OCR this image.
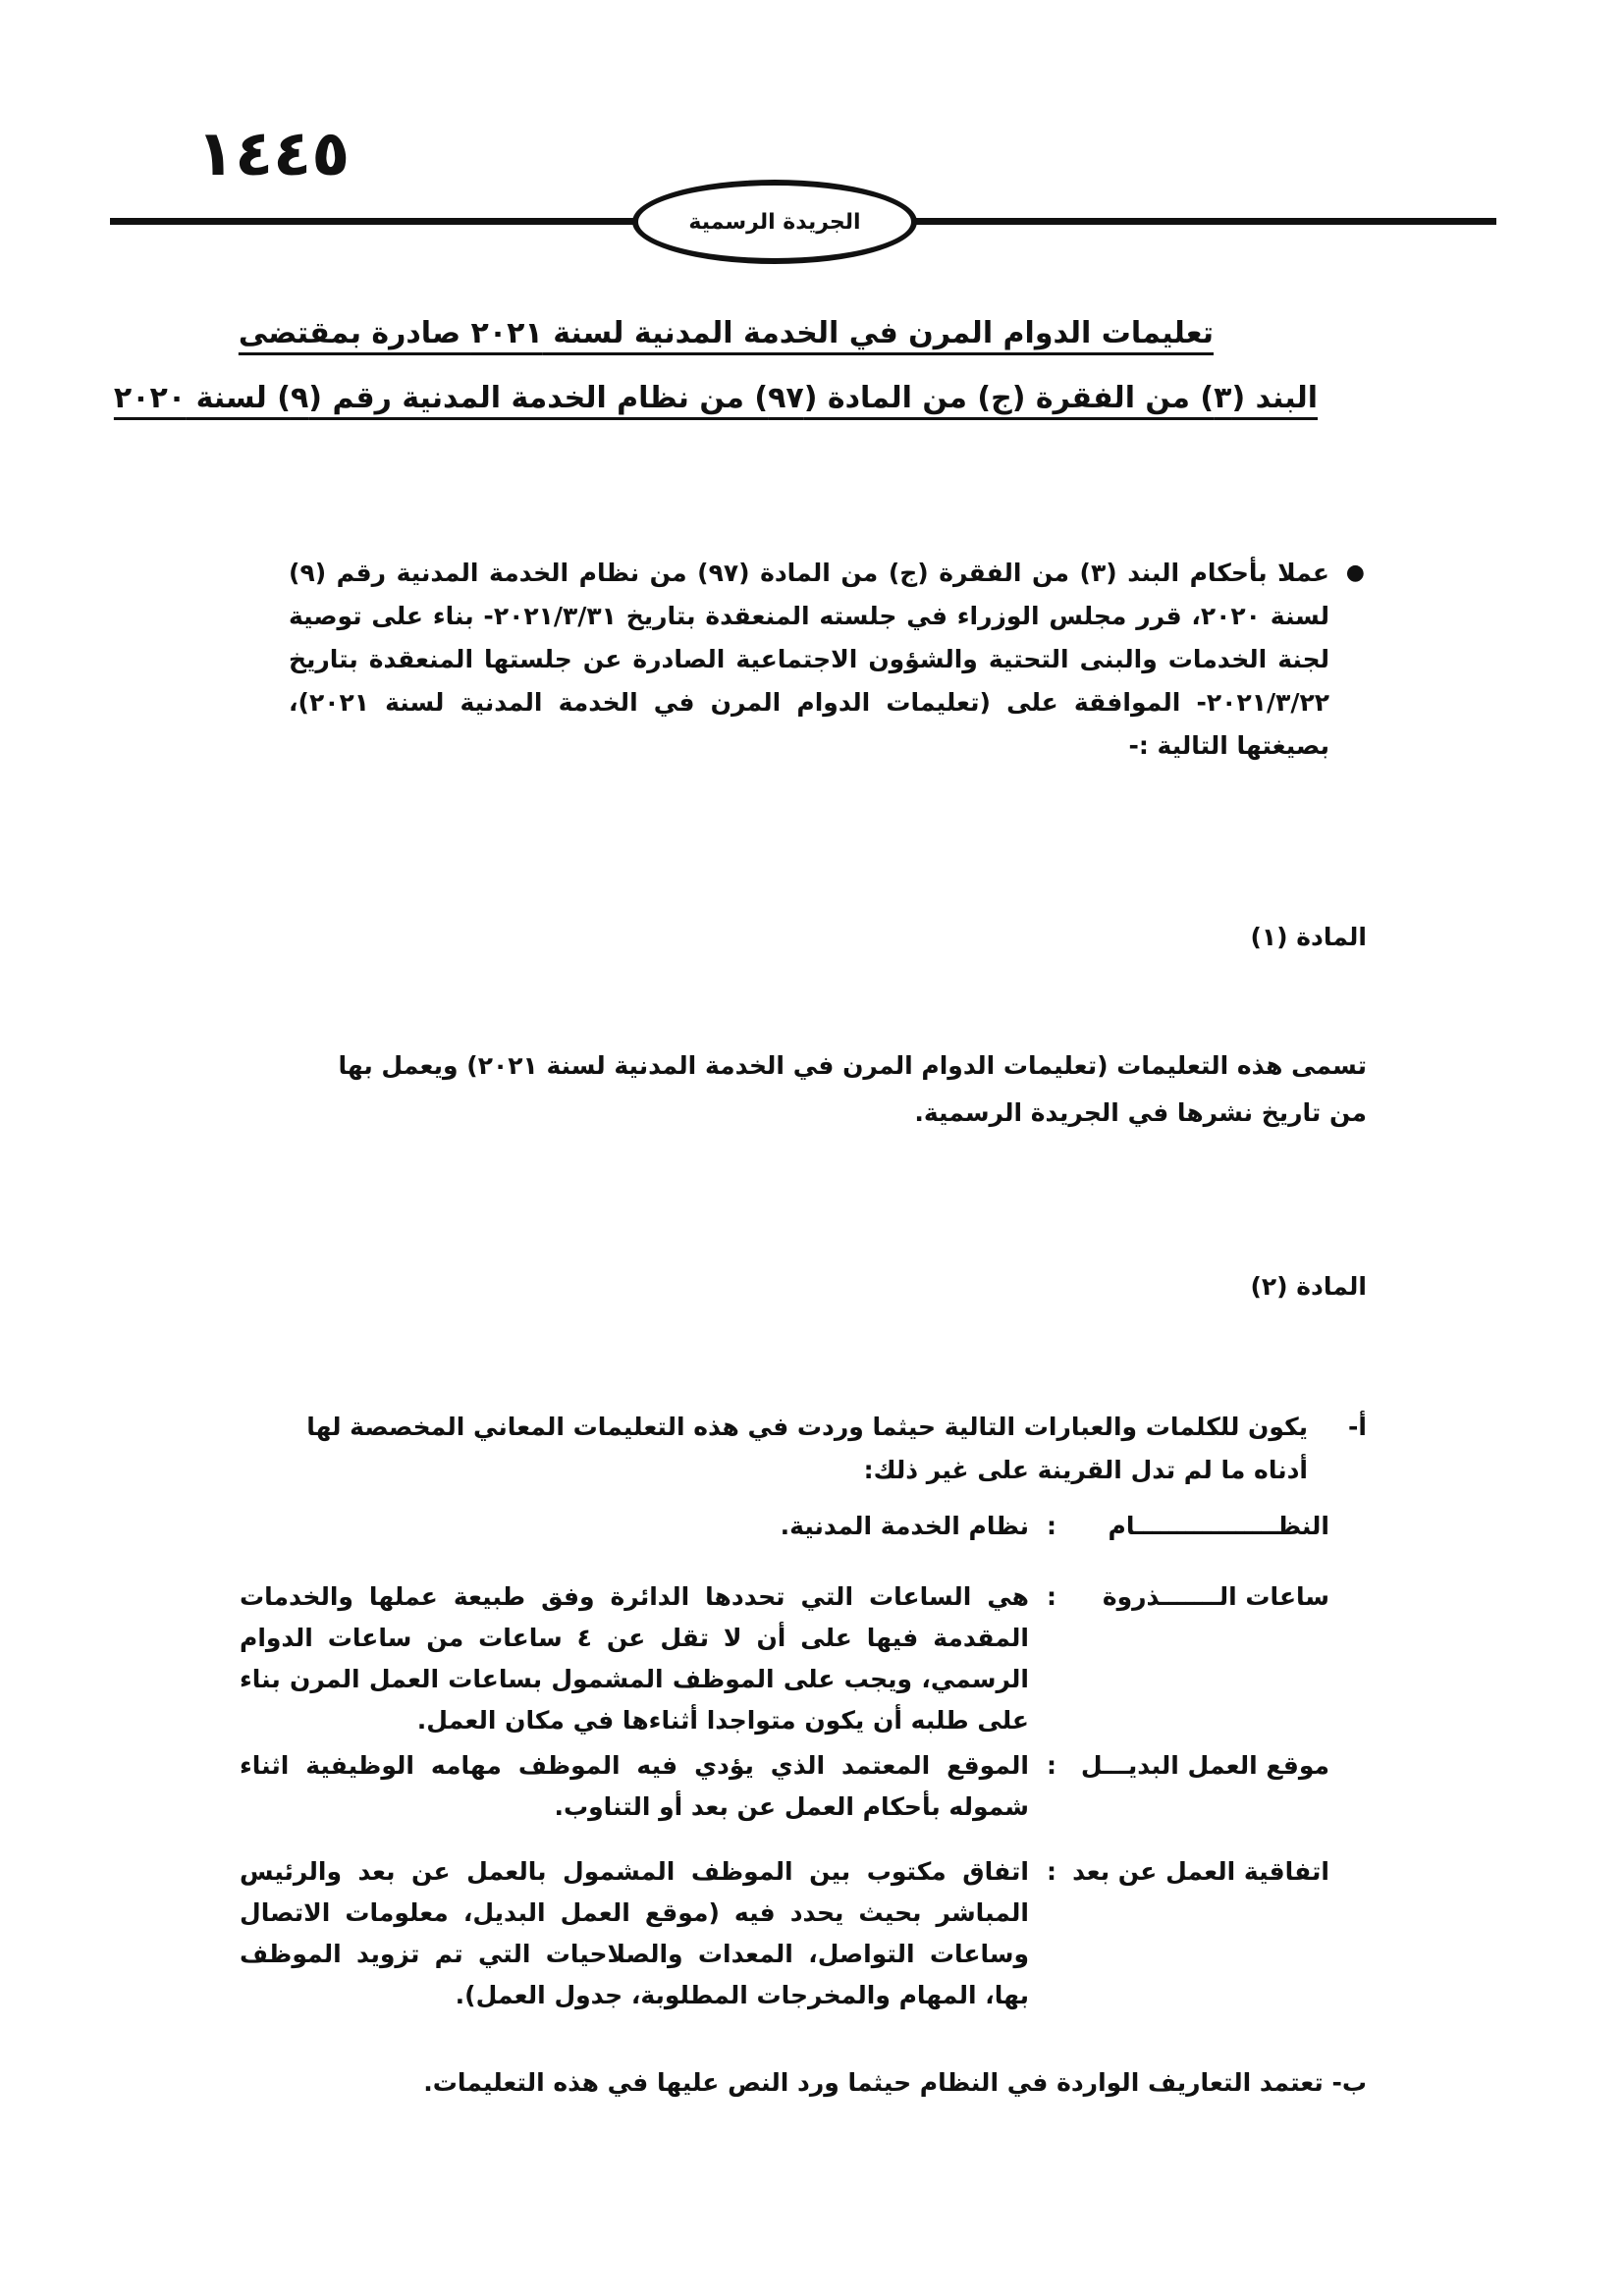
١٤٤٥
الجريدة الرسمية
تعليمات الدوام المرن في الخدمة المدنية لسنة ٢٠٢١ صادرة بمقتضى
البند (٣) من الفقرة (ج) من المادة (٩٧) من نظام الخدمة المدنية رقم (٩) لسنة ٢٠٢٠
● عملا بأحكام البند (٣) من الفقرة (ج) من المادة (٩٧) من نظام الخدمة المدنية رقم (٩) لسنة ٢٠٢٠، قرر مجلس الوزراء في جلسته المنعقدة بتاريخ ٢٠٢١/٣/٣١- بناء على توصية لجنة الخدمات والبنى التحتية والشؤون الاجتماعية الصادرة عن جلستها المنعقدة بتاريخ ٢٠٢١/٣/٢٢- الموافقة على (تعليمات الدوام المرن في الخدمة المدنية لسنة ٢٠٢١)، بصيغتها التالية :-
المادة (١)
تسمى هذه التعليمات (تعليمات الدوام المرن في الخدمة المدنية لسنة ٢٠٢١) ويعمل بها من تاريخ نشرها في الجريدة الرسمية.
المادة (٢)
أ-
يكون للكلمات والعبارات التالية حيثما وردت في هذه التعليمات المعاني المخصصة لها أدناه ما لم تدل القرينة على غير ذلك:
النظـــــــــــــــــام
:
نظام الخدمة المدنية.
ساعات الـــــــذروة
:
هي الساعات التي تحددها الدائرة وفق طبيعة عملها والخدمات المقدمة فيها على أن لا تقل عن ٤ ساعات من ساعات الدوام الرسمي، ويجب على الموظف المشمول بساعات العمل المرن بناء على طلبه أن يكون متواجدا أثناءها في مكان العمل.
موقع العمل البديـــل
:
الموقع المعتمد الذي يؤدي فيه الموظف مهامه الوظيفية اثناء شموله بأحكام العمل عن بعد أو التناوب.
اتفاقية العمل عن بعد
:
اتفاق مكتوب بين الموظف المشمول بالعمل عن بعد والرئيس المباشر بحيث يحدد فيه (موقع العمل البديل، معلومات الاتصال وساعات التواصل، المعدات والصلاحيات التي تم تزويد الموظف بها، المهام والمخرجات المطلوبة، جدول العمل).
ب- تعتمد التعاريف الواردة في النظام حيثما ورد النص عليها في هذه التعليمات.
